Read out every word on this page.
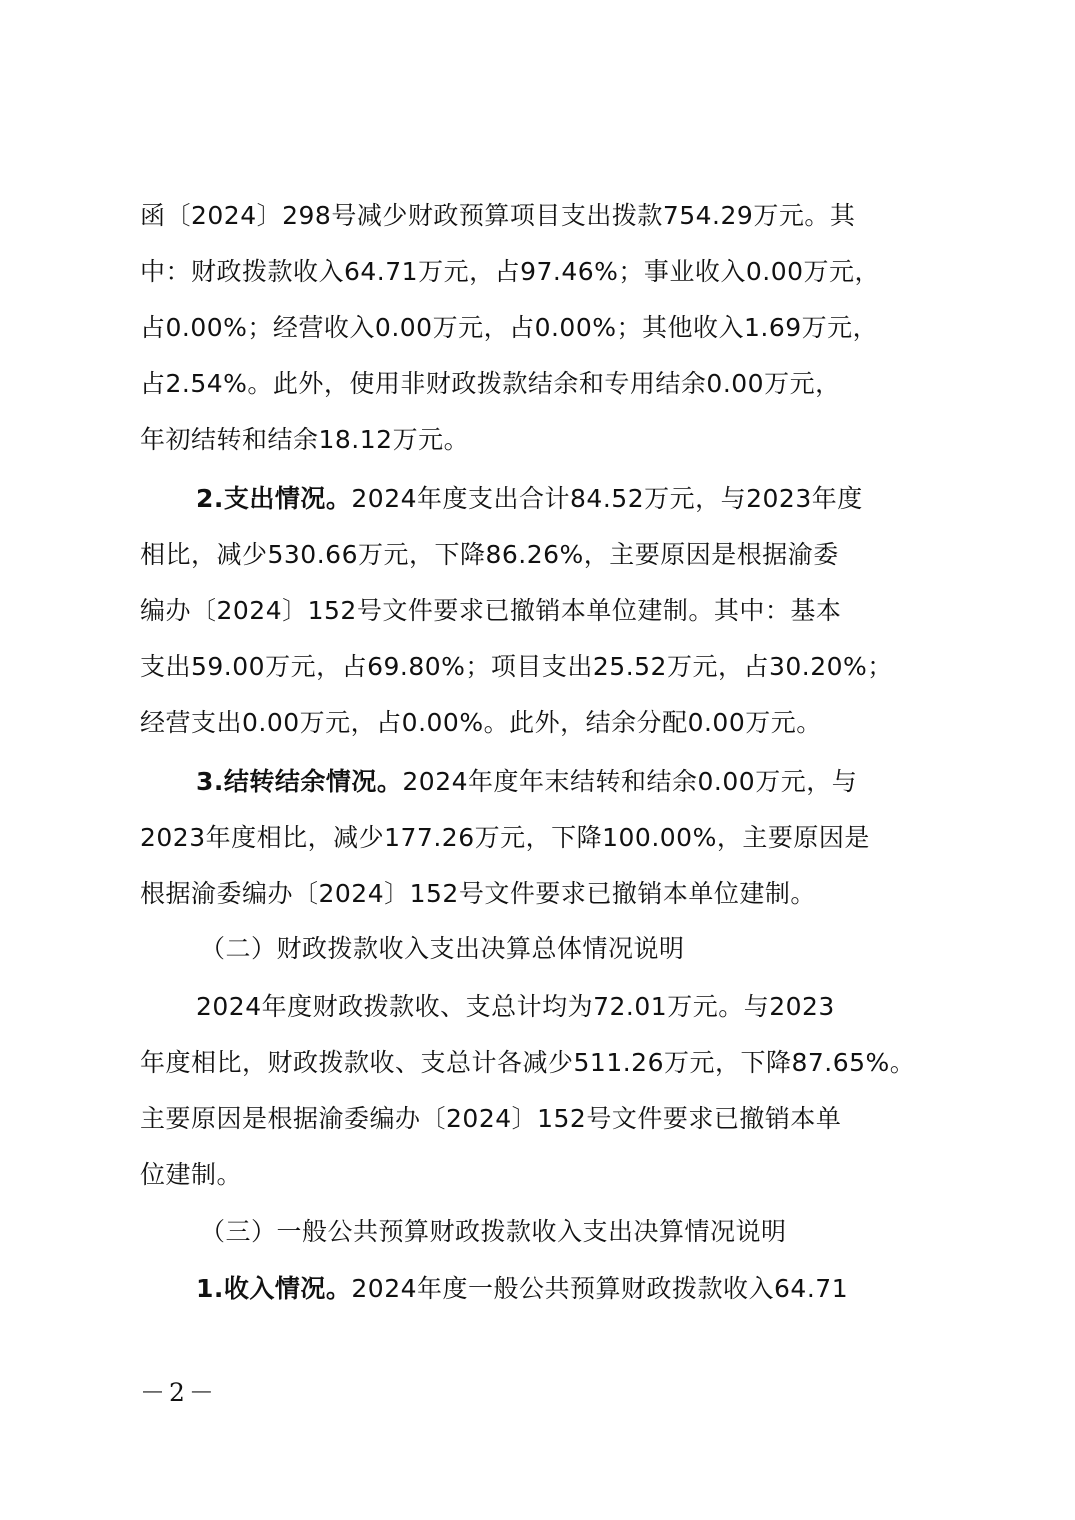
函〔2024〕298号减少财政预算项目支出拨款754.29万元。其
中：财政拨款收入64.71万元，占97.46%；事业收入0.00万元，
占0.00%；经营收入0.00万元，占0.00%；其他收入1.69万元，
占2.54%。此外，使用非财政拨款结余和专用结余0.00万元，
年初结转和结余18.12万元。
2.支出情况。2024年度支出合计84.52万元，与2023年度
相比，减少530.66万元，下降86.26%，主要原因是根据渝委
编办〔2024〕152号文件要求已撤销本单位建制。其中：基本
支出59.00万元，占69.80%；项目支出25.52万元，占30.20%；
经营支出0.00万元，占0.00%。此外，结余分配0.00万元。
3.结转结余情况。2024年度年末结转和结余0.00万元，与
2023年度相比，减少177.26万元，下降100.00%，主要原因是
根据渝委编办〔2024〕152号文件要求已撤销本单位建制。
（二）财政拨款收入支出决算总体情况说明
2024年度财政拨款收、支总计均为72.01万元。与2023
年度相比，财政拨款收、支总计各减少511.26万元，下降87.65%。
主要原因是根据渝委编办〔2024〕152号文件要求已撤销本单
位建制。
（三）一般公共预算财政拨款收入支出决算情况说明
1.收入情况。2024年度一般公共预算财政拨款收入64.71
－2－
